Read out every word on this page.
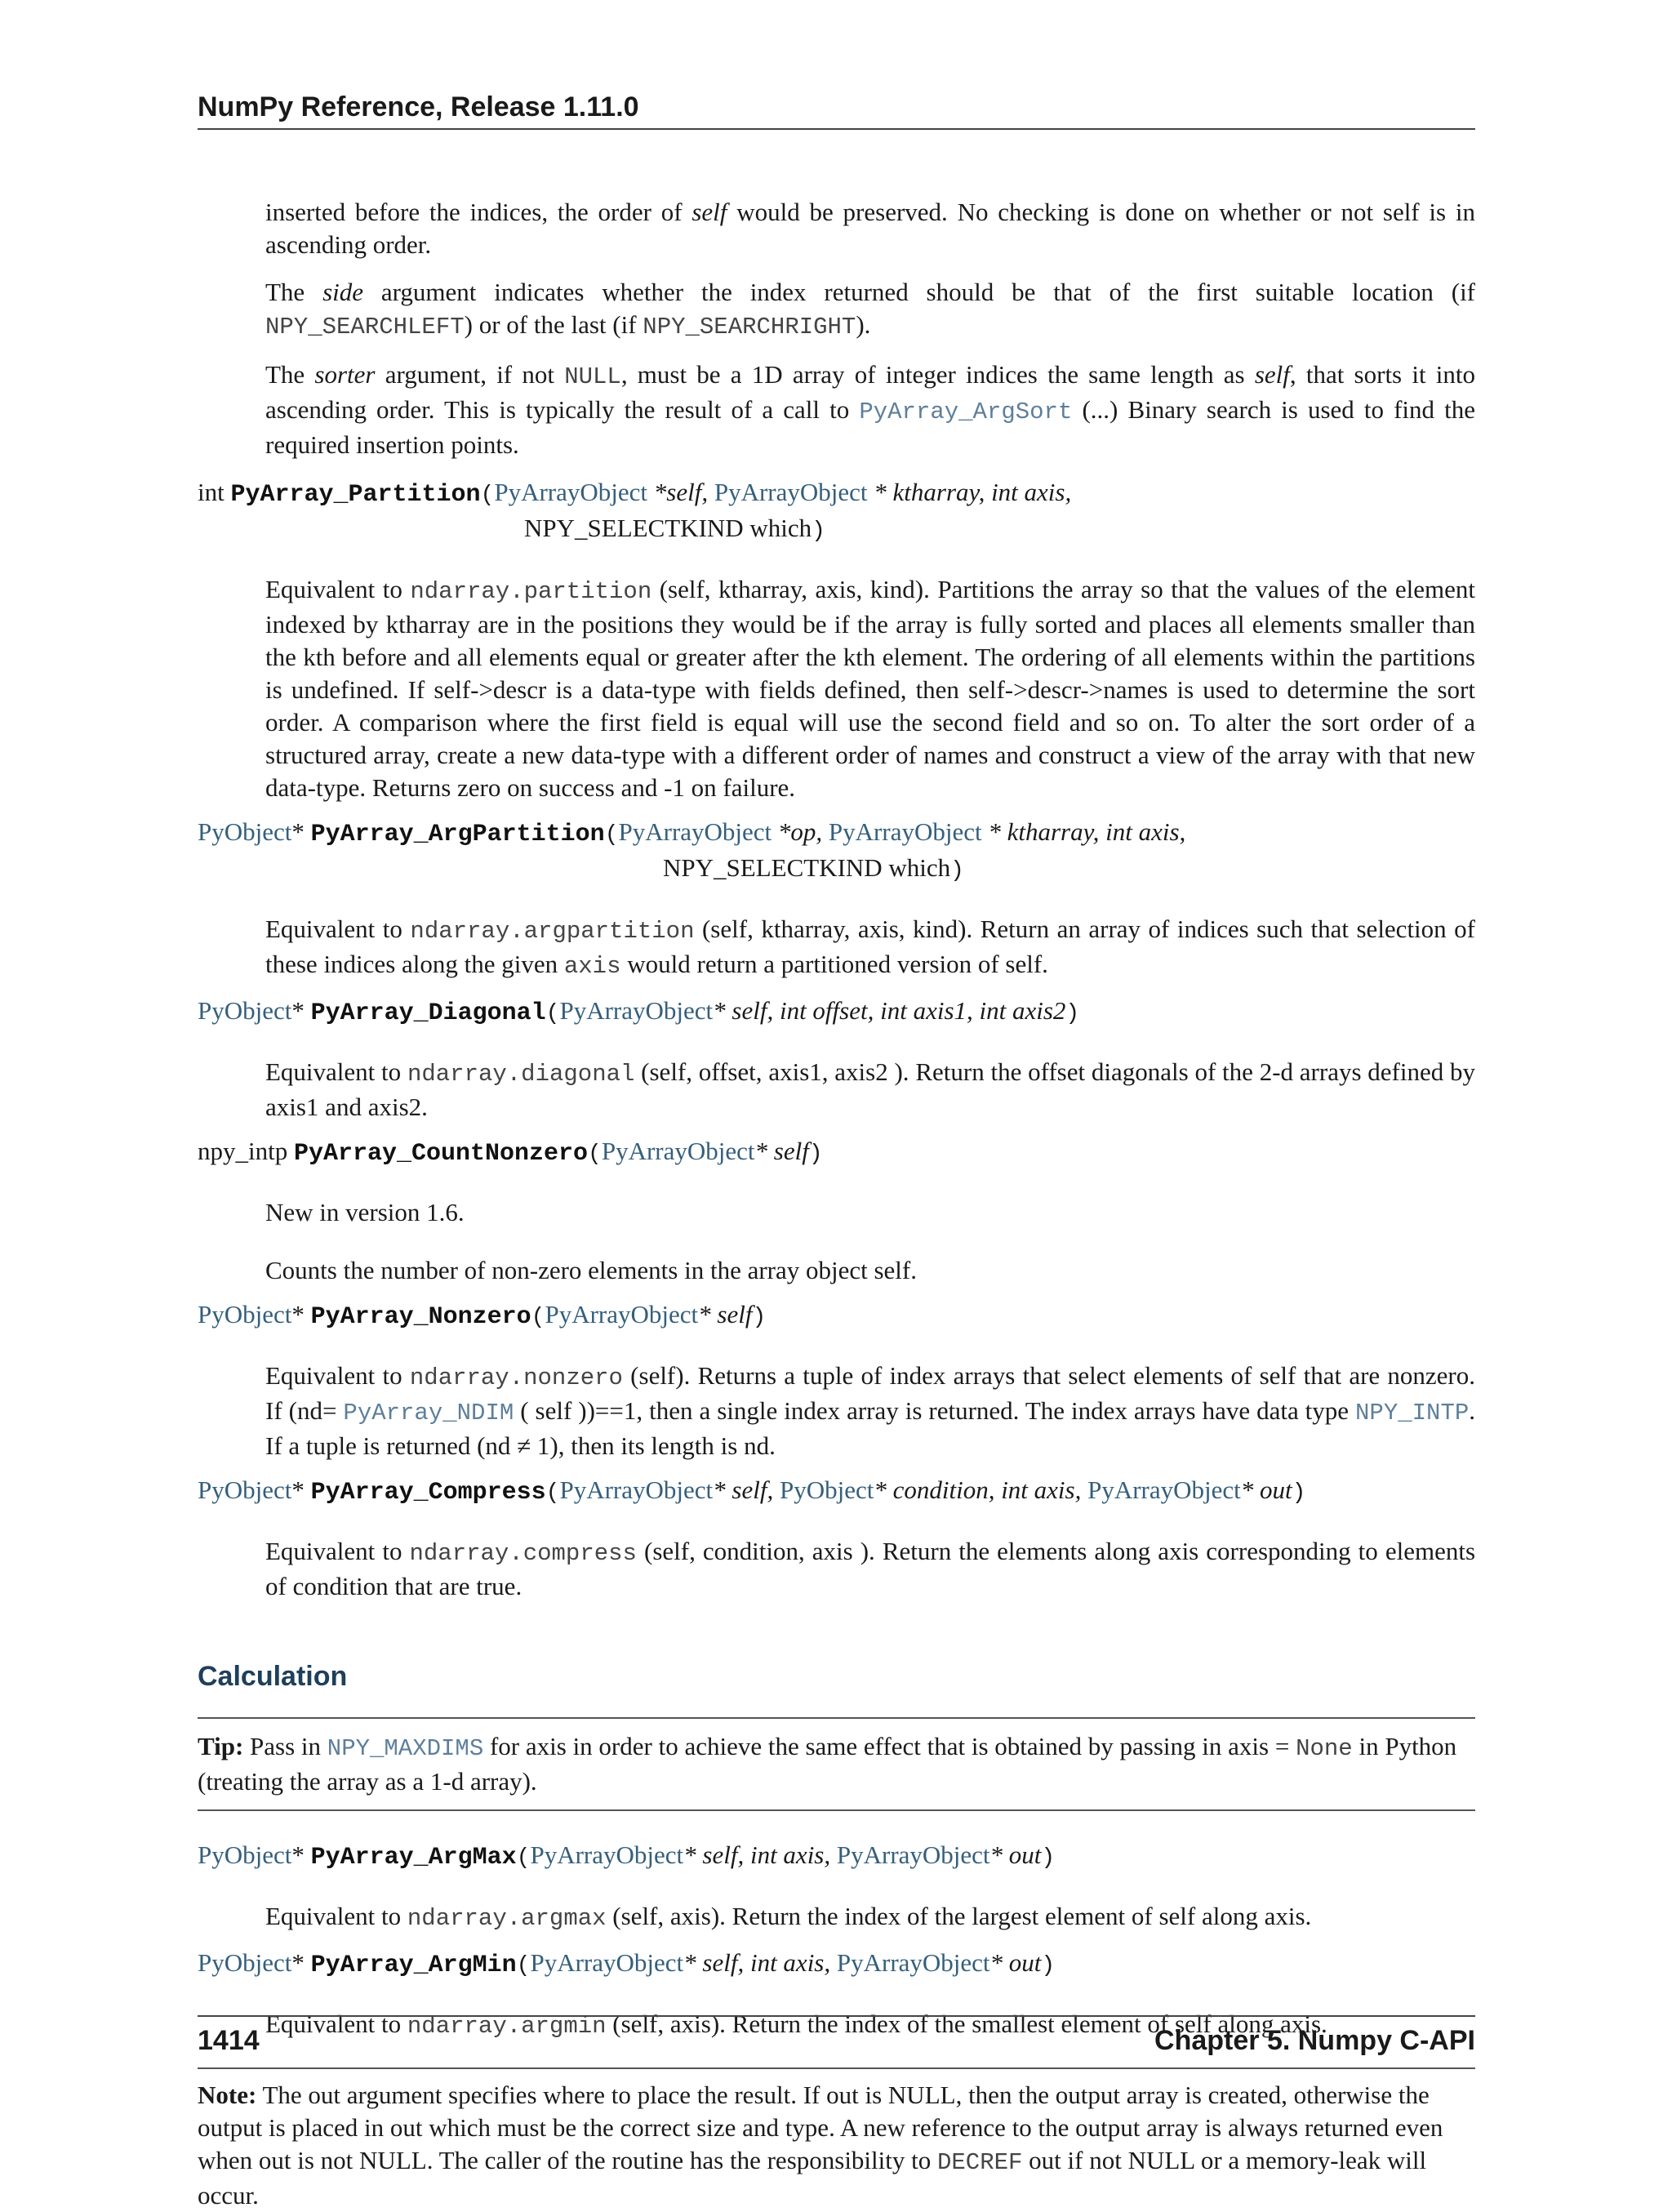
NumPy Reference, Release 1.11.0

inserted before the indices, the order of self would be preserved. No checking is done on whether or not self is in ascending order.

The side argument indicates whether the index returned should be that of the first suitable location (if NPY_SEARCHLEFT) or of the last (if NPY_SEARCHRIGHT).

The sorter argument, if not NULL, must be a 1D array of integer indices the same length as self, that sorts it into ascending order. This is typically the result of a call to PyArray_ArgSort (...) Binary search is used to find the required insertion points.

int PyArray_Partition(PyArrayObject *self, PyArrayObject * ktharray, int axis,
NPY_SELECTKIND which)

Equivalent to ndarray.partition (self, ktharray, axis, kind). Partitions the array so that the values of the element indexed by ktharray are in the positions they would be if the array is fully sorted and places all elements smaller than the kth before and all elements equal or greater after the kth element. The ordering of all elements within the partitions is undefined. If self->descr is a data-type with fields defined, then self->descr->names is used to determine the sort order. A comparison where the first field is equal will use the second field and so on. To alter the sort order of a structured array, create a new data-type with a different order of names and construct a view of the array with that new data-type. Returns zero on success and -1 on failure.

PyObject* PyArray_ArgPartition(PyArrayObject *op, PyArrayObject * ktharray, int axis,
NPY_SELECTKIND which)

Equivalent to ndarray.argpartition (self, ktharray, axis, kind). Return an array of indices such that selection of these indices along the given axis would return a partitioned version of self.

PyObject* PyArray_Diagonal(PyArrayObject* self, int offset, int axis1, int axis2)

Equivalent to ndarray.diagonal (self, offset, axis1, axis2 ). Return the offset diagonals of the 2-d arrays defined by axis1 and axis2.

npy_intp PyArray_CountNonzero(PyArrayObject* self)

New in version 1.6.

Counts the number of non-zero elements in the array object self.

PyObject* PyArray_Nonzero(PyArrayObject* self)

Equivalent to ndarray.nonzero (self). Returns a tuple of index arrays that select elements of self that are nonzero. If (nd= PyArray_NDIM ( self ))==1, then a single index array is returned. The index arrays have data type NPY_INTP. If a tuple is returned (nd ≠ 1), then its length is nd.

PyObject* PyArray_Compress(PyArrayObject* self, PyObject* condition, int axis, PyArrayObject* out)

Equivalent to ndarray.compress (self, condition, axis ). Return the elements along axis corresponding to elements of condition that are true.

Calculation
Tip: Pass in NPY_MAXDIMS for axis in order to achieve the same effect that is obtained by passing in axis = None in Python (treating the array as a 1-d array).
PyObject* PyArray_ArgMax(PyArrayObject* self, int axis, PyArrayObject* out)

Equivalent to ndarray.argmax (self, axis). Return the index of the largest element of self along axis.

PyObject* PyArray_ArgMin(PyArrayObject* self, int axis, PyArrayObject* out)

Equivalent to ndarray.argmin (self, axis). Return the index of the smallest element of self along axis.

Note: The out argument specifies where to place the result. If out is NULL, then the output array is created, otherwise the output is placed in out which must be the correct size and type. A new reference to the output array is always returned even when out is not NULL. The caller of the routine has the responsibility to DECREF out if not NULL or a memory-leak will occur.
1414	Chapter 5. Numpy C-API
